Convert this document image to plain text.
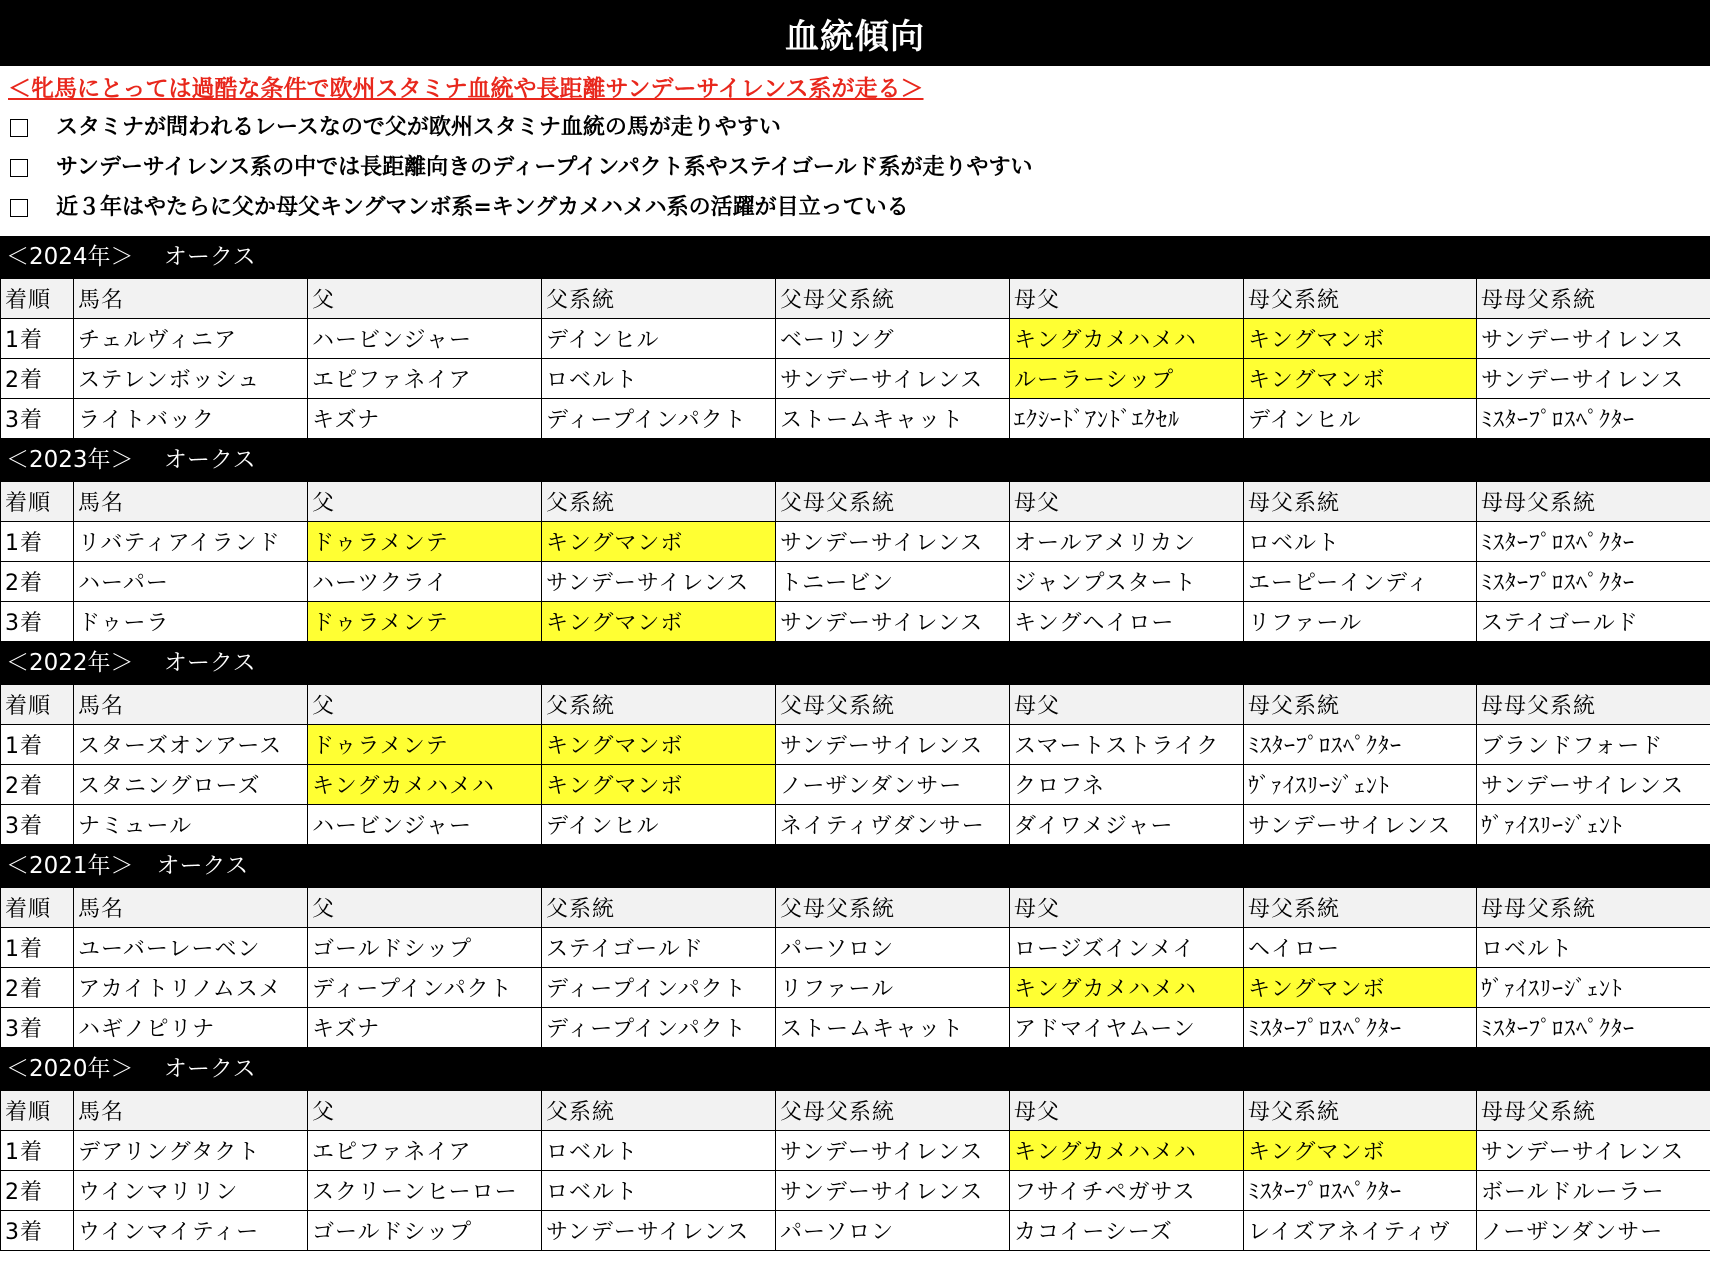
血統傾向
＜牝馬にとっては過酷な条件で欧州スタミナ血統や長距離サンデーサイレンス系が走る＞
スタミナが問われるレースなので父が欧州スタミナ血統の馬が走りやすい
サンデーサイレンス系の中では長距離向きのディープインパクト系やステイゴールド系が走りやすい
近３年はやたらに父か母父キングマンボ系=キングカメハメハ系の活躍が目立っている
＜2024年＞　 オークス
着順	馬名	父	父系統	父母父系統	母父	母父系統	母母父系統
1着	チェルヴィニア	ハービンジャー	デインヒル	ベーリング	キングカメハメハ	キングマンボ	サンデーサイレンス
2着	ステレンボッシュ	エピファネイア	ロベルト	サンデーサイレンス	ルーラーシップ	キングマンボ	サンデーサイレンス
3着	ライトバック	キズナ	ディープインパクト	ストームキャット	ｴｸｼｰﾄﾞｱﾝﾄﾞｴｸｾﾙ	デインヒル	ﾐｽﾀｰﾌﾟﾛｽﾍﾟｸﾀｰ
＜2023年＞　 オークス
着順	馬名	父	父系統	父母父系統	母父	母父系統	母母父系統
1着	リバティアイランド	ドゥラメンテ	キングマンボ	サンデーサイレンス	オールアメリカン	ロベルト	ﾐｽﾀｰﾌﾟﾛｽﾍﾟｸﾀｰ
2着	ハーパー	ハーツクライ	サンデーサイレンス	トニービン	ジャンプスタート	エーピーインディ	ﾐｽﾀｰﾌﾟﾛｽﾍﾟｸﾀｰ
3着	ドゥーラ	ドゥラメンテ	キングマンボ	サンデーサイレンス	キングヘイロー	リファール	ステイゴールド
＜2022年＞　 オークス
着順	馬名	父	父系統	父母父系統	母父	母父系統	母母父系統
1着	スターズオンアース	ドゥラメンテ	キングマンボ	サンデーサイレンス	スマートストライク	ﾐｽﾀｰﾌﾟﾛｽﾍﾟｸﾀｰ	ブランドフォード
2着	スタニングローズ	キングカメハメハ	キングマンボ	ノーザンダンサー	クロフネ	ｳﾞｧｲｽﾘｰｼﾞｪﾝﾄ	サンデーサイレンス
3着	ナミュール	ハービンジャー	デインヒル	ネイティヴダンサー	ダイワメジャー	サンデーサイレンス	ｳﾞｧｲｽﾘｰｼﾞｪﾝﾄ
＜2021年＞　オークス
着順	馬名	父	父系統	父母父系統	母父	母父系統	母母父系統
1着	ユーバーレーベン	ゴールドシップ	ステイゴールド	パーソロン	ロージズインメイ	ヘイロー	ロベルト
2着	アカイトリノムスメ	ディープインパクト	ディープインパクト	リファール	キングカメハメハ	キングマンボ	ｳﾞｧｲｽﾘｰｼﾞｪﾝﾄ
3着	ハギノピリナ	キズナ	ディープインパクト	ストームキャット	アドマイヤムーン	ﾐｽﾀｰﾌﾟﾛｽﾍﾟｸﾀｰ	ﾐｽﾀｰﾌﾟﾛｽﾍﾟｸﾀｰ
＜2020年＞　 オークス
着順	馬名	父	父系統	父母父系統	母父	母父系統	母母父系統
1着	デアリングタクト	エピファネイア	ロベルト	サンデーサイレンス	キングカメハメハ	キングマンボ	サンデーサイレンス
2着	ウインマリリン	スクリーンヒーロー	ロベルト	サンデーサイレンス	フサイチペガサス	ﾐｽﾀｰﾌﾟﾛｽﾍﾟｸﾀｰ	ボールドルーラー
3着	ウインマイティー	ゴールドシップ	サンデーサイレンス	パーソロン	カコイーシーズ	レイズアネイティヴ	ノーザンダンサー
